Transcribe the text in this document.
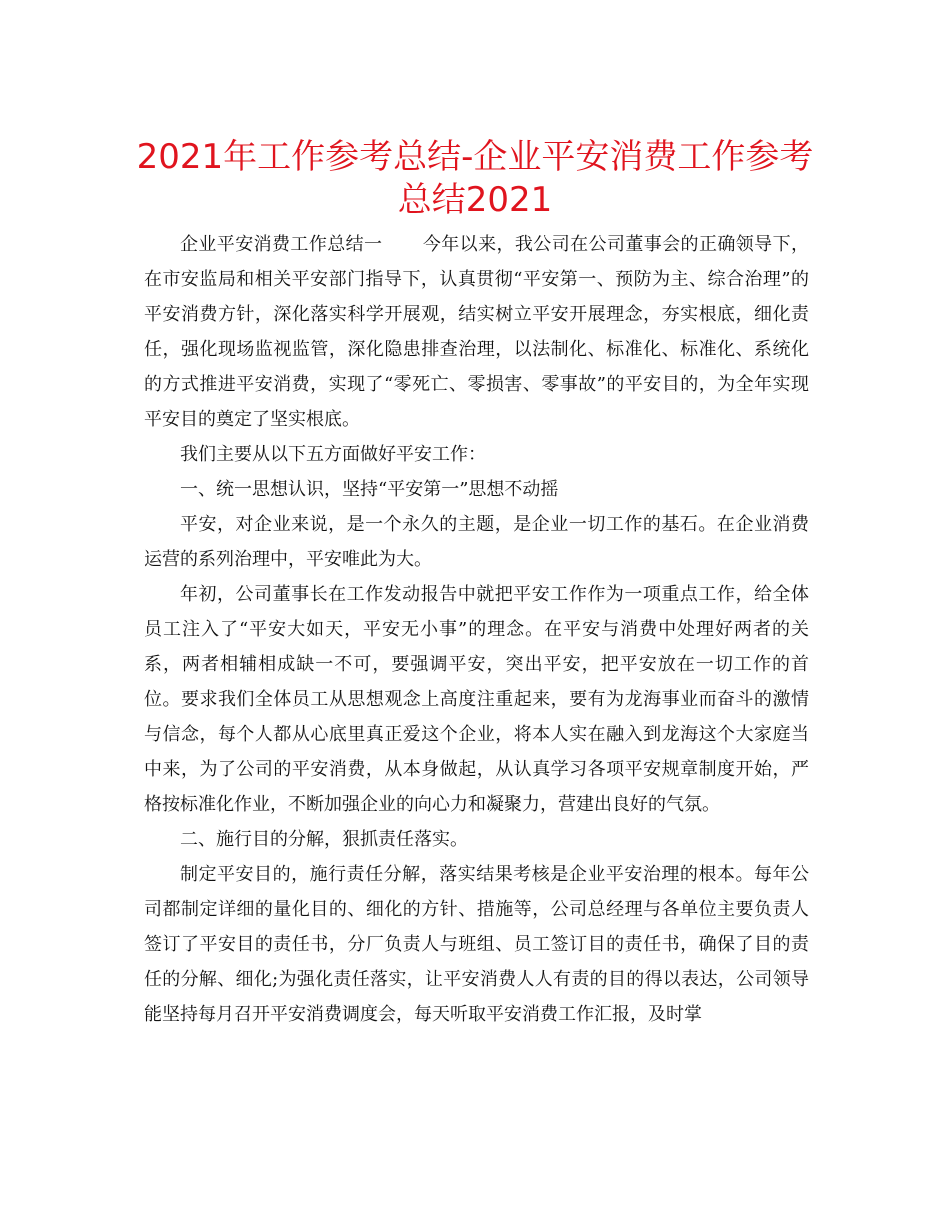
2021年工作参考总结-企业平安消费工作参考总结2021

企业平安消费工作总结一 今年以来，我公司在公司董事会的正确领导下，在市安监局和相关平安部门指导下，认真贯彻“平安第一、预防为主、综合治理”的平安消费方针，深化落实科学开展观，结实树立平安开展理念，夯实根底，细化责任，强化现场监视监管，深化隐患排查治理，以法制化、标准化、标准化、系统化的方式推进平安消费，实现了“零死亡、零损害、零事故”的平安目的，为全年实现平安目的奠定了坚实根底。

我们主要从以下五方面做好平安工作：

一、统一思想认识，坚持“平安第一”思想不动摇

平安，对企业来说，是一个永久的主题，是企业一切工作的基石。在企业消费运营的系列治理中，平安唯此为大。

年初，公司董事长在工作发动报告中就把平安工作作为一项重点工作，给全体员工注入了“平安大如天，平安无小事”的理念。在平安与消费中处理好两者的关系，两者相辅相成缺一不可，要强调平安，突出平安，把平安放在一切工作的首位。要求我们全体员工从思想观念上高度注重起来，要有为龙海事业而奋斗的激情与信念，每个人都从心底里真正爱这个企业，将本人实在融入到龙海这个大家庭当中来，为了公司的平安消费，从本身做起，从认真学习各项平安规章制度开始，严格按标准化作业，不断加强企业的向心力和凝聚力，营建出良好的气氛。

二、施行目的分解，狠抓责任落实。

制定平安目的，施行责任分解，落实结果考核是企业平安治理的根本。每年公司都制定详细的量化目的、细化的方针、措施等，公司总经理与各单位主要负责人签订了平安目的责任书，分厂负责人与班组、员工签订目的责任书，确保了目的责任的分解、细化;为强化责任落实，让平安消费人人有责的目的得以表达，公司领导能坚持每月召开平安消费调度会，每天听取平安消费工作汇报，及时掌
